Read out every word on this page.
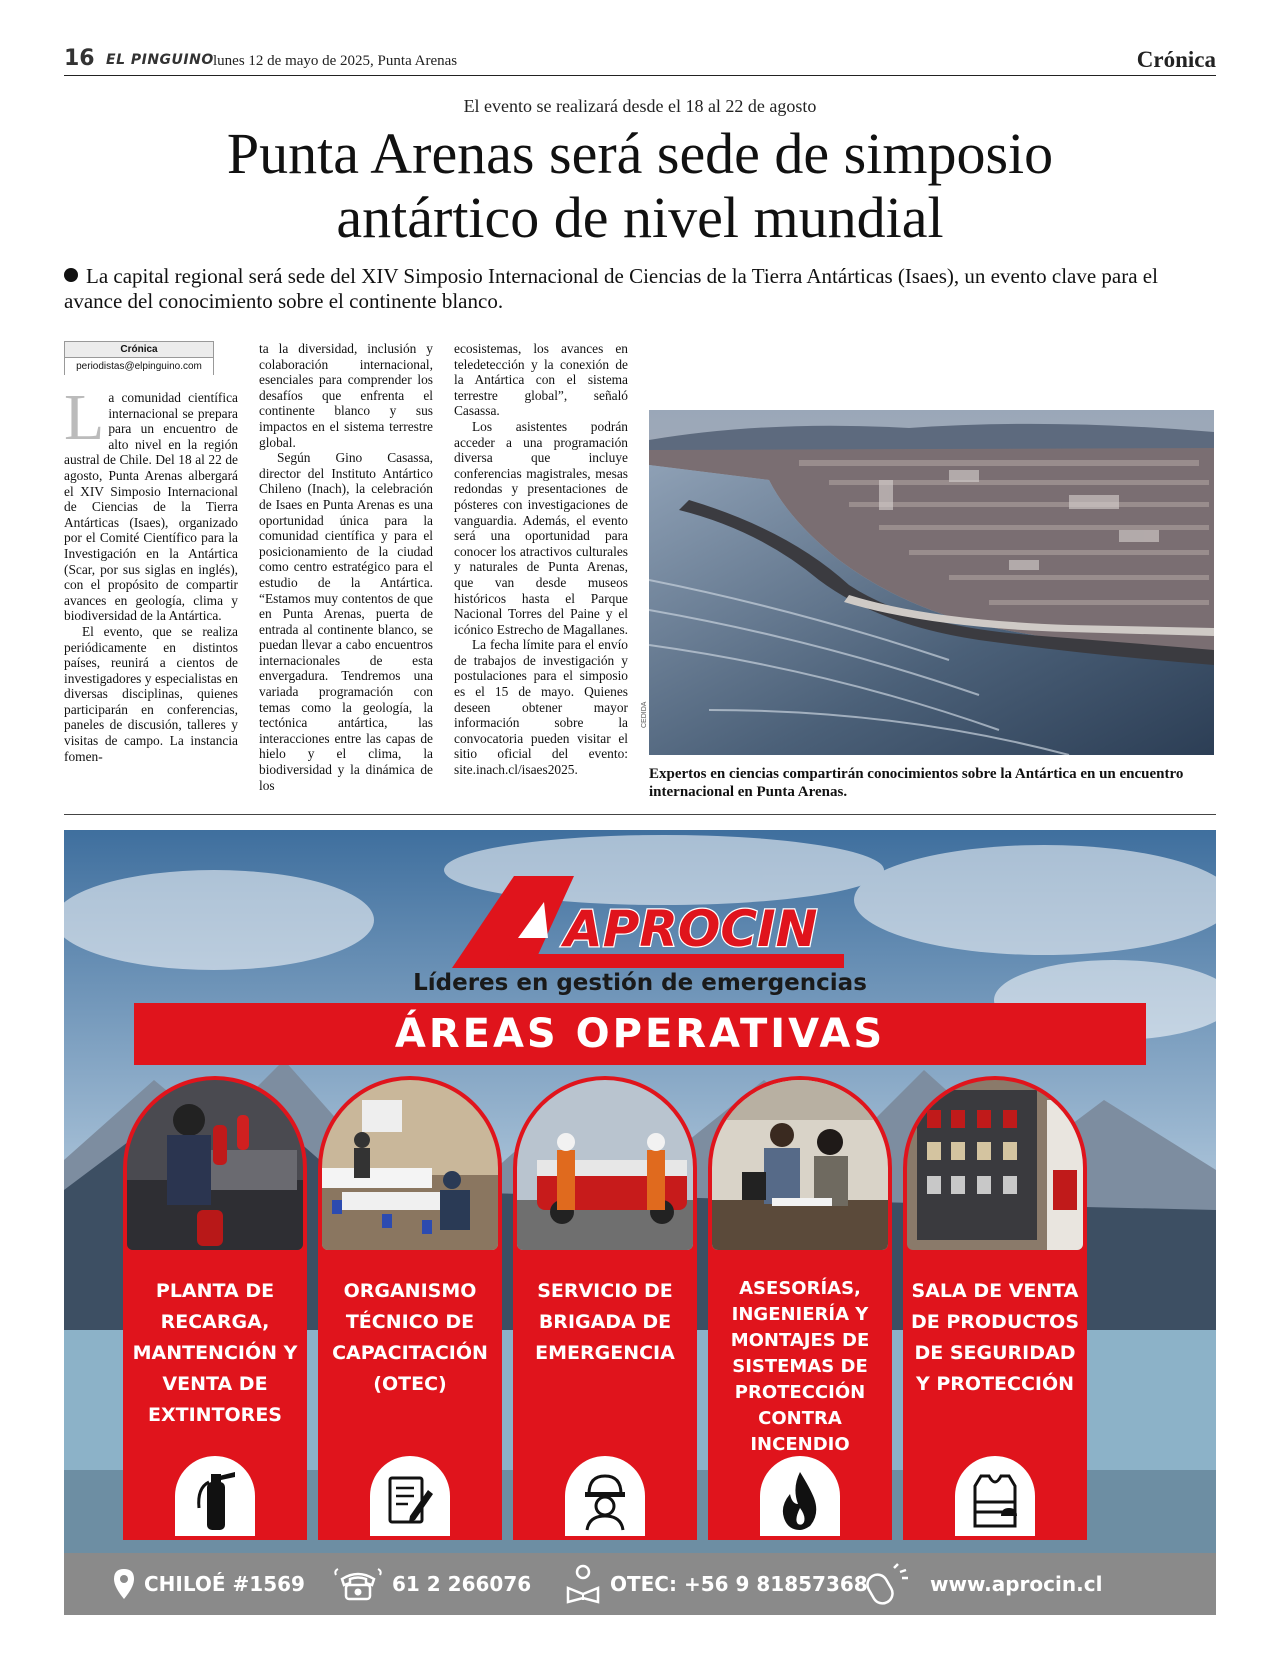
16 EL PINGUINO lunes 12 de mayo de 2025, Punta Arenas	Crónica
El evento se realizará desde el 18 al 22 de agosto
Punta Arenas será sede de simposio
antártico de nivel mundial
La capital regional será sede del XIV Simposio Internacional de Ciencias de la Tierra Antárticas (Isaes), un evento clave para el avance del conocimiento sobre el continente blanco.
Crónica
periodistas@elpinguino.com

La comunidad científica internacional se prepara para un encuentro de alto nivel en la región austral de Chile. Del 18 al 22 de agosto, Punta Arenas albergará el XIV Simposio Internacional de Ciencias de la Tierra Antárticas (Isaes), organizado por el Comité Científico para la Investigación en la Antártica (Scar, por sus siglas en inglés), con el propósito de compartir avances en geología, clima y biodiversidad de la Antártica.

El evento, que se realiza periódicamente en distintos países, reunirá a cientos de investigadores y especialistas en diversas disciplinas, quienes participarán en conferencias, paneles de discusión, talleres y visitas de campo. La instancia fomen-

ta la diversidad, inclusión y colaboración internacional, esenciales para comprender los desafíos que enfrenta el continente blanco y sus impactos en el sistema terrestre global.

Según Gino Casassa, director del Instituto Antártico Chileno (Inach), la celebración de Isaes en Punta Arenas es una oportunidad única para la comunidad científica y para el posicionamiento de la ciudad como centro estratégico para el estudio de la Antártica. “Estamos muy contentos de que en Punta Arenas, puerta de entrada al continente blanco, se puedan llevar a cabo encuentros internacionales de esta envergadura. Tendremos una variada programación con temas como la geología, la tectónica antártica, las interacciones entre las capas de hielo y el clima, la biodiversidad y la dinámica de los

ecosistemas, los avances en teledetección y la conexión de la Antártica con el sistema terrestre global”, señaló Casassa.

Los asistentes podrán acceder a una programación diversa que incluye conferencias magistrales, mesas redondas y presentaciones de pósteres con investigaciones de vanguardia. Además, el evento será una oportunidad para conocer los atractivos culturales y naturales de Punta Arenas, que van desde museos históricos hasta el Parque Nacional Torres del Paine y el icónico Estrecho de Magallanes.

La fecha límite para el envío de trabajos de investigación y postulaciones para el simposio es el 15 de mayo. Quienes deseen obtener mayor información sobre la convocatoria pueden visitar el sitio oficial del evento: site.inach.cl/isaes2025.

CEDIDA
Expertos en ciencias compartirán conocimientos sobre la Antártica en un encuentro internacional en Punta Arenas.
APROCIN
Líderes en gestión de emergencias
ÁREAS OPERATIVAS
PLANTA DE RECARGA, MANTENCIÓN Y VENTA DE EXTINTORES
ORGANISMO TÉCNICO DE CAPACITACIÓN (OTEC)
SERVICIO DE BRIGADA DE EMERGENCIA
ASESORÍAS, INGENIERÍA Y MONTAJES DE SISTEMAS DE PROTECCIÓN CONTRA INCENDIO
SALA DE VENTA DE PRODUCTOS DE SEGURIDAD Y PROTECCIÓN
CHILOÉ #1569	61 2 266076	OTEC: +56 9 81857368	www.aprocin.cl
